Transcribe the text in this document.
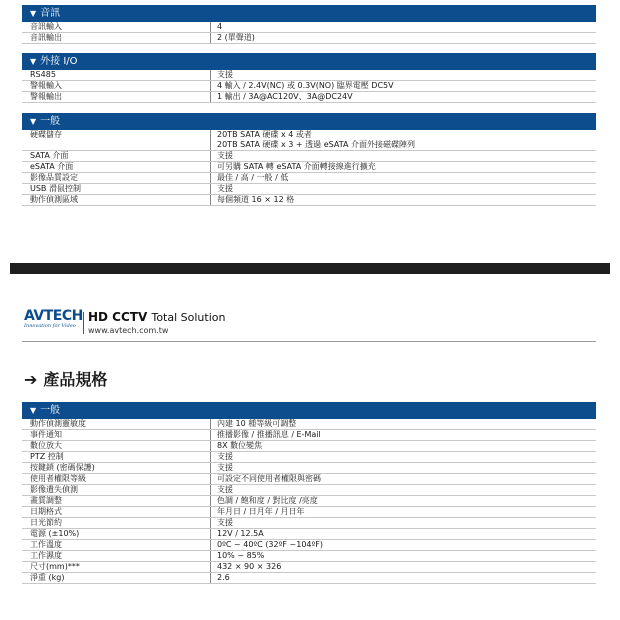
▼ 音訊
音訊輸入	4
音訊輸出	2 (單聲道)
▼ 外接 I/O
RS485	支援
警報輸入	4 輸入 / 2.4V(NC) 或 0.3V(NO) 臨界電壓 DC5V
警報輸出	1 輸出 / 3A@AC120V、3A@DC24V
▼ 一般
硬碟儲存	20TB SATA 硬碟 x 4 或者
20TB SATA 硬碟 x 3 + 透過 eSATA 介面外接磁碟陣列
SATA 介面	支援
eSATA 介面	可另購 SATA 轉 eSATA 介面轉接線進行擴充
影像品質設定	最佳 / 高 / 一般 / 低
USB 滑鼠控制	支援
動作偵測區域	每個頻道 16 × 12 格
AVTECH
Innovation for Video
HD CCTV Total Solution
www.avtech.com.tw
➔ 產品規格
▼ 一般
動作偵測靈敏度	內建 10 種等級可調整
事件通知	推播影像 / 推播訊息 / E-Mail
數位放大	8X 數位變焦
PTZ 控制	支援
按鍵鎖 (密碼保護)	支援
使用者權限等級	可設定不同使用者權限與密碼
影像遺失偵測	支援
畫質調整	色調 / 飽和度 / 對比度 /亮度
日期格式	年月日 / 日月年 / 月日年
日光節約	支援
電源 (±10%)	12V / 12.5A
工作溫度	0ºC ~ 40ºC (32ºF ~104ºF)
工作濕度	10% ~ 85%
尺寸(mm)***	432 × 90 × 326
淨重 (kg)	2.6
